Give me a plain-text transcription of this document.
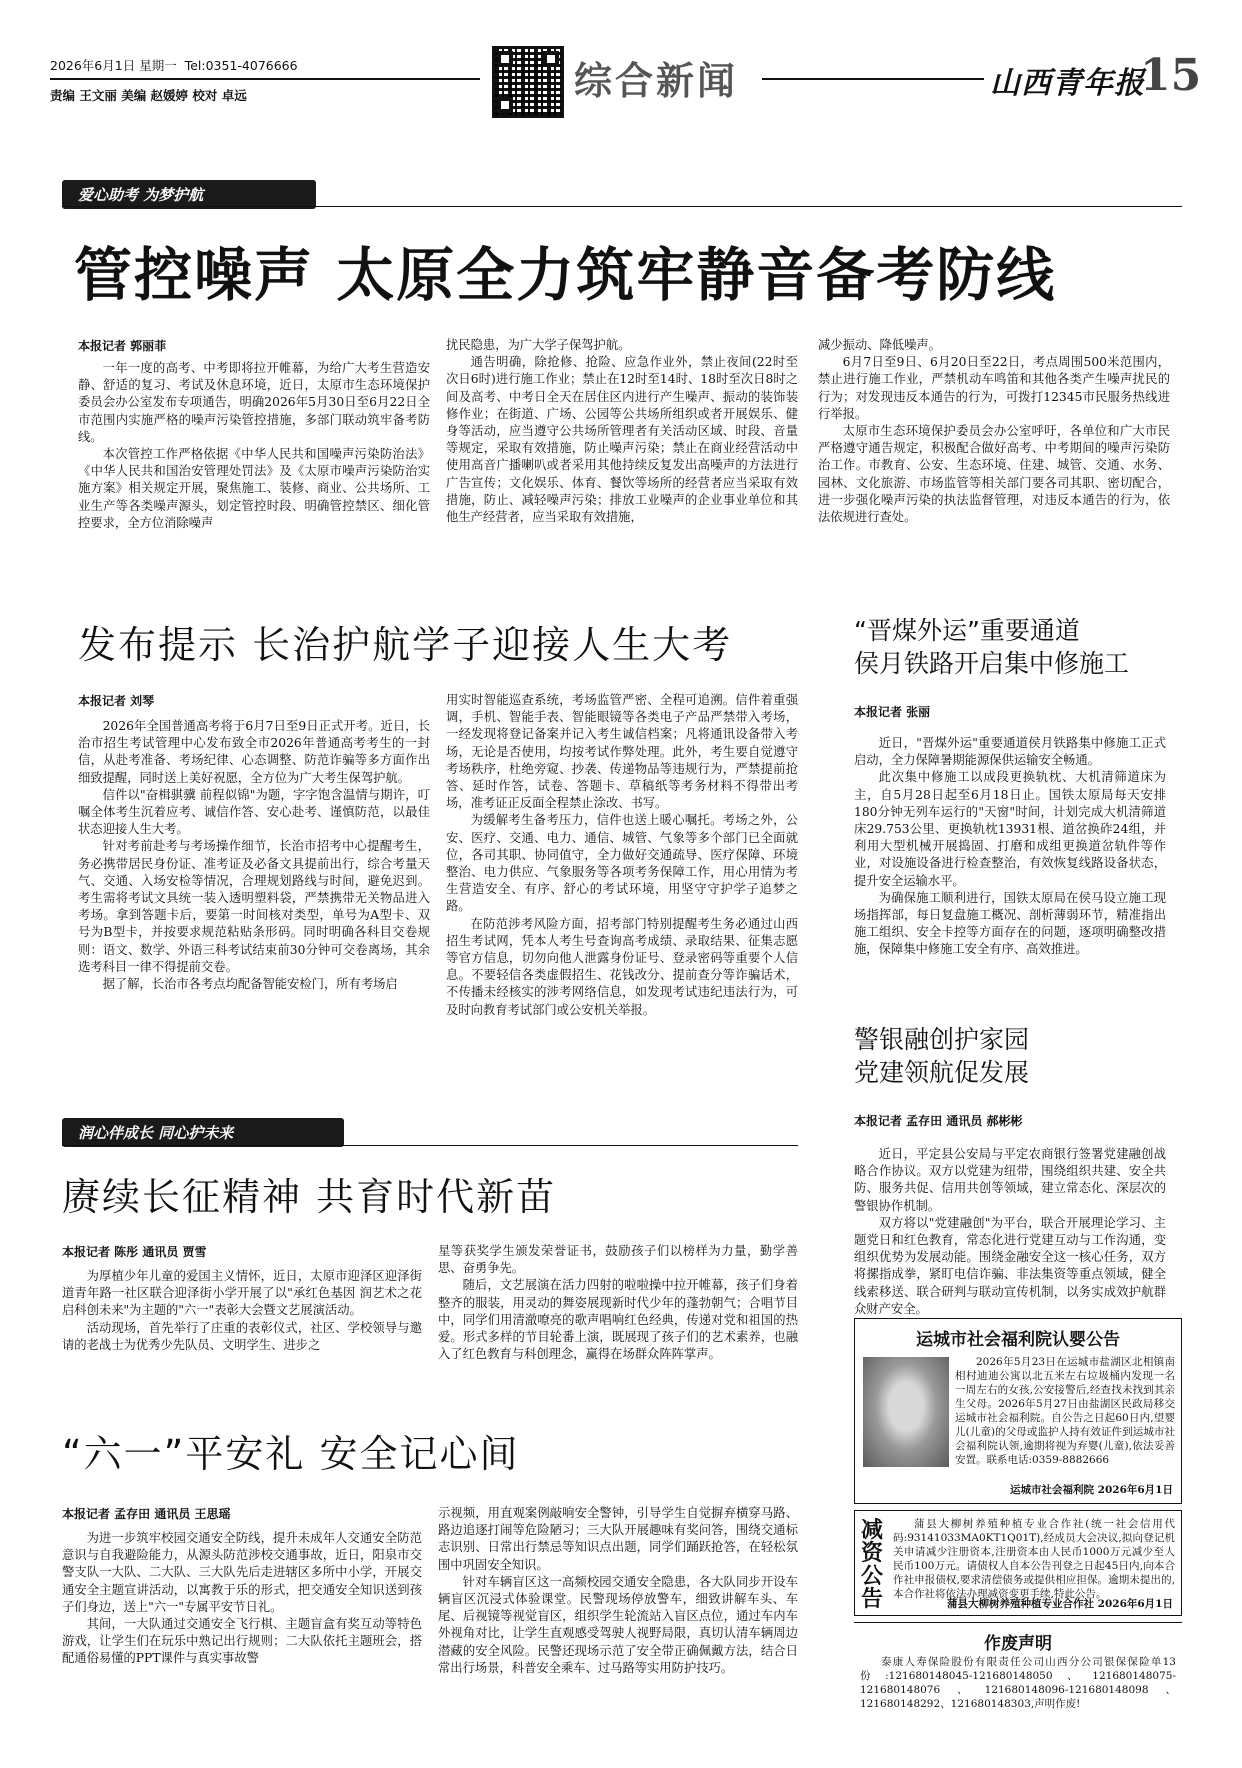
2026年6月1日 星期一 Tel:0351-4076666
责编 王文丽 美编 赵媛婷 校对 卓远	综合新闻	山西青年报
15
爱心助考 为梦护航
管控噪声 太原全力筑牢静音备考防线
本报记者 郭丽菲

一年一度的高考、中考即将拉开帷幕，为给广大考生营造安静、舒适的复习、考试及休息环境，近日，太原市生态环境保护委员会办公室发布专项通告，明确2026年5月30日至6月22日全市范围内实施严格的噪声污染管控措施，多部门联动筑牢备考防线。

本次管控工作严格依据《中华人民共和国噪声污染防治法》《中华人民共和国治安管理处罚法》及《太原市噪声污染防治实施方案》相关规定开展，聚焦施工、装修、商业、公共场所、工业生产等各类噪声源头，划定管控时段、明确管控禁区、细化管控要求，全方位消除噪声

扰民隐患，为广大学子保驾护航。

通告明确，除抢修、抢险、应急作业外，禁止夜间(22时至次日6时)进行施工作业；禁止在12时至14时、18时至次日8时之间及高考、中考日全天在居住区内进行产生噪声、振动的装饰装修作业；在街道、广场、公园等公共场所组织或者开展娱乐、健身等活动，应当遵守公共场所管理者有关活动区域、时段、音量等规定，采取有效措施，防止噪声污染；禁止在商业经营活动中使用高音广播喇叭或者采用其他持续反复发出高噪声的方法进行广告宣传；文化娱乐、体育、餐饮等场所的经营者应当采取有效措施，防止、减轻噪声污染；排放工业噪声的企业事业单位和其他生产经营者，应当采取有效措施，

减少振动、降低噪声。

6月7日至9日、6月20日至22日，考点周围500米范围内，禁止进行施工作业，严禁机动车鸣笛和其他各类产生噪声扰民的行为；对发现违反本通告的行为，可拨打12345市民服务热线进行举报。

太原市生态环境保护委员会办公室呼吁，各单位和广大市民严格遵守通告规定，积极配合做好高考、中考期间的噪声污染防治工作。市教育、公安、生态环境、住建、城管、交通、水务、园林、文化旅游、市场监管等相关部门要各司其职、密切配合，进一步强化噪声污染的执法监督管理，对违反本通告的行为，依法依规进行查处。

发布提示 长治护航学子迎接人生大考
本报记者 刘琴

2026年全国普通高考将于6月7日至9日正式开考。近日，长治市招生考试管理中心发布致全市2026年普通高考考生的一封信，从赴考准备、考场纪律、心态调整、防范诈骗等多方面作出细致提醒，同时送上美好祝愿，全方位为广大考生保驾护航。

信件以"奋楫骐骥 前程似锦"为题，字字饱含温情与期许，叮嘱全体考生沉着应考、诚信作答、安心赴考、谨慎防范，以最佳状态迎接人生大考。

针对考前赴考与考场操作细节，长治市招考中心提醒考生，务必携带居民身份证、准考证及必备文具提前出行，综合考量天气、交通、入场安检等情况，合理规划路线与时间，避免迟到。考生需将考试文具统一装入透明塑料袋，严禁携带无关物品进入考场。拿到答题卡后，要第一时间核对类型，单号为A型卡、双号为B型卡，并按要求规范粘贴条形码。同时明确各科目交卷规则：语文、数学、外语三科考试结束前30分钟可交卷离场，其余选考科目一律不得提前交卷。

据了解，长治市各考点均配备智能安检门，所有考场启

用实时智能巡查系统，考场监管严密、全程可追溯。信件着重强调，手机、智能手表、智能眼镜等各类电子产品严禁带入考场，一经发现将登记备案并记入考生诚信档案；凡将通讯设备带入考场，无论是否使用，均按考试作弊处理。此外，考生要自觉遵守考场秩序，杜绝旁窥、抄袭、传递物品等违规行为，严禁提前抢答、延时作答，试卷、答题卡、草稿纸等考务材料不得带出考场，准考证正反面全程禁止涂改、书写。

为缓解考生备考压力，信件也送上暖心嘱托。考场之外，公安、医疗、交通、电力、通信、城管、气象等多个部门已全面就位，各司其职、协同值守，全力做好交通疏导、医疗保障、环境整治、电力供应、气象服务等各项考务保障工作，用心用情为考生营造安全、有序、舒心的考试环境，用坚守守护学子追梦之路。

在防范涉考风险方面，招考部门特别提醒考生务必通过山西招生考试网，凭本人考生号查询高考成绩、录取结果、征集志愿等官方信息，切勿向他人泄露身份证号、登录密码等重要个人信息。不要轻信各类虚假招生、花钱改分、提前查分等诈骗话术，不传播未经核实的涉考网络信息，如发现考试违纪违法行为，可及时向教育考试部门或公安机关举报。

“晋煤外运”重要通道
侯月铁路开启集中修施工
本报记者 张丽

近日，"晋煤外运"重要通道侯月铁路集中修施工正式启动，全力保障暑期能源保供运输安全畅通。

此次集中修施工以成段更换轨枕、大机清筛道床为主，自5月28日起至6月18日止。国铁太原局每天安排180分钟无列车运行的"天窗"时间，计划完成大机清筛道床29.753公里、更换轨枕13931根、道岔换砟24组，并利用大型机械开展捣固、打磨和成组更换道岔轨件等作业，对设施设备进行检查整治，有效恢复线路设备状态，提升安全运输水平。

为确保施工顺利进行，国铁太原局在侯马设立施工现场指挥部，每日复盘施工概况、剖析薄弱环节，精准指出施工组织、安全卡控等方面存在的问题，逐项明确整改措施，保障集中修施工安全有序、高效推进。

警银融创护家园
党建领航促发展
本报记者 孟存田 通讯员 郝彬彬

近日，平定县公安局与平定农商银行签署党建融创战略合作协议。双方以党建为纽带，围绕组织共建、安全共防、服务共促、信用共创等领域，建立常态化、深层次的警银协作机制。

双方将以"党建融创"为平台，联合开展理论学习、主题党日和红色教育，常态化进行党建互动与工作沟通，变组织优势为发展动能。围绕金融安全这一核心任务，双方将摞指成拳，紧盯电信诈骗、非法集资等重点领域，健全线索移送、联合研判与联动宣传机制，以务实成效护航群众财产安全。

润心伴成长 同心护未来
赓续长征精神 共育时代新苗
本报记者 陈彤 通讯员 贾雪

为厚植少年儿童的爱国主义情怀，近日，太原市迎泽区迎泽街道青年路一社区联合迎泽街小学开展了以"承红色基因 润艺术之花 启科创未来"为主题的"六一"表彰大会暨文艺展演活动。

活动现场，首先举行了庄重的表彰仪式，社区、学校领导与邀请的老战士为优秀少先队员、文明学生、进步之

星等获奖学生颁发荣誉证书，鼓励孩子们以榜样为力量，勤学善思、奋勇争先。

随后，文艺展演在活力四射的啦啦操中拉开帷幕，孩子们身着整齐的服装，用灵动的舞姿展现新时代少年的蓬勃朝气；合唱节目中，同学们用清澈嘹亮的歌声唱响红色经典，传递对党和祖国的热爱。形式多样的节目轮番上演，既展现了孩子们的艺术素养，也融入了红色教育与科创理念，赢得在场群众阵阵掌声。

“六一”平安礼 安全记心间
本报记者 孟存田 通讯员 王思瑶

为进一步筑牢校园交通安全防线，提升未成年人交通安全防范意识与自我避险能力，从源头防范涉校交通事故，近日，阳泉市交警支队一大队、二大队、三大队先后走进辖区多所中小学，开展交通安全主题宣讲活动，以寓教于乐的形式，把交通安全知识送到孩子们身边，送上"六一"专属平安节日礼。

其间，一大队通过交通安全飞行棋、主题盲盒有奖互动等特色游戏，让学生们在玩乐中熟记出行规则；二大队依托主题班会，搭配通俗易懂的PPT课件与真实事故警

示视频，用直观案例敲响安全警钟，引导学生自觉摒弃横穿马路、路边追逐打闹等危险陋习；三大队开展趣味有奖问答，围绕交通标志识别、日常出行禁忌等知识点出题，同学们踊跃抢答，在轻松氛围中巩固安全知识。

针对车辆盲区这一高频校园交通安全隐患，各大队同步开设车辆盲区沉浸式体验课堂。民警现场停放警车，细致讲解车头、车尾、后视镜等视觉盲区，组织学生轮流站入盲区点位，通过车内车外视角对比，让学生直观感受驾驶人视野局限，真切认清车辆周边潜藏的安全风险。民警还现场示范了安全带正确佩戴方法，结合日常出行场景，科普安全乘车、过马路等实用防护技巧。

运城市社会福利院认婴公告
2026年5月23日在运城市盐湖区北相镇南相村迪迪公寓以北五米左右垃圾桶内发现一名一周左右的女孩,公安接警后,经查找未找到其亲生父母。2026年5月27日由盐湖区民政局移交运城市社会福利院。自公告之日起60日内,望婴儿(儿童)的父母或监护人持有效证件到运城市社会福利院认领,逾期将视为弃婴(儿童),依法妥善安置。联系电话:0359-8882666
运城市社会福利院 2026年6月1日
减资公告
蒲县大柳树养殖种植专业合作社(统一社会信用代码:93141033MA0KT1Q01T),经成员大会决议,拟向登记机关申请减少注册资本,注册资本由人民币1000万元减少至人民币100万元。请债权人自本公告刊登之日起45日内,向本合作社申报债权,要求清偿债务或提供相应担保。逾期未提出的,本合作社将依法办理减资变更手续,特此公告。
蒲县大柳树养殖种植专业合作社 2026年6月1日
作废声明
泰康人寿保险股份有限责任公司山西分公司银保保险单13份:121680148045-121680148050、121680148075-121680148076、121680148096-121680148098、121680148292、121680148303,声明作废!
